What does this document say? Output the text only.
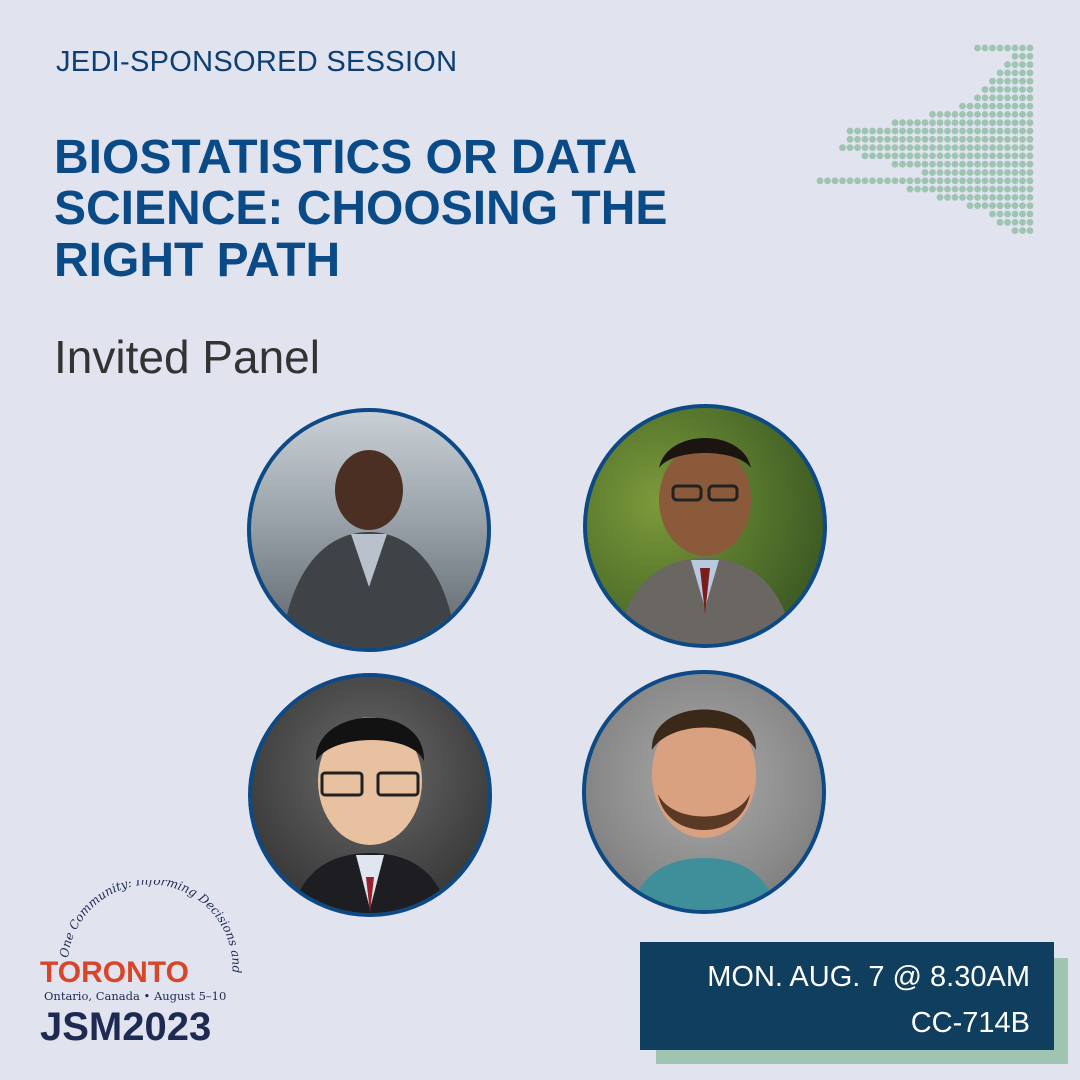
JEDI-SPONSORED SESSION
BIOSTATISTICS OR DATA
SCIENCE: CHOOSING THE
RIGHT PATH
Invited Panel
One Community: Informing Decisions and
TORONTO
Ontario, Canada • August 5–10
JSM2023
MON. AUG. 7 @ 8.30AM
CC-714B
